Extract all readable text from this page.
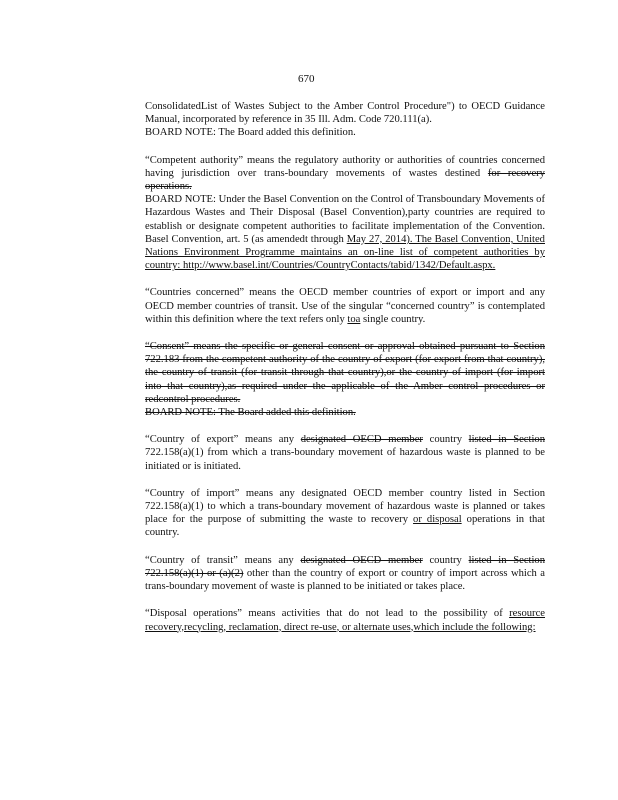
670
ConsolidatedList of Wastes Subject to the Amber Control Procedure") to OECD Guidance Manual, incorporated by reference in 35 Ill. Adm. Code 720.111(a).
BOARD NOTE: The Board added this definition.
“Competent authority” means the regulatory authority or authorities of countries concerned having jurisdiction over trans-boundary movements of wastes destined for recovery operations.
BOARD NOTE: Under the Basel Convention on the Control of Transboundary Movements of Hazardous Wastes and Their Disposal (Basel Convention),party countries are required to establish or designate competent authorities to facilitate implementation of the Convention. Basel Convention, art. 5 (as amendedt through May 27, 2014). The Basel Convention, United Nations Environment Programme maintains an on-line list of competent authorities by country: http://www.basel.int/Countries/CountryContacts/tabid/1342/Default.aspx.
“Countries concerned” means the OECD member countries of export or import and any OECD member countries of transit. Use of the singular “concerned country” is contemplated within this definition where the text refers only toa single country.
“Consent” means the specific or general consent or approval obtained pursuant to Section 722.183 from the competent authority of the country of export (for export from that country), the country of transit (for transit through that country),or the country of import (for import into that country),as required under the applicable of the Amber control procedures or redcontrol procedures.
BOARD NOTE: The Board added this definition.
“Country of export” means any designated OECD member country listed in Section 722.158(a)(1) from which a trans-boundary movement of hazardous waste is planned to be initiated or is initiated.
“Country of import” means any designated OECD member country listed in Section 722.158(a)(1) to which a trans-boundary movement of hazardous waste is planned or takes place for the purpose of submitting the waste to recovery or disposal operations in that country.
“Country of transit” means any designated OECD member country listed in Section 722.158(a)(1) or (a)(2) other than the country of export or country of import across which a trans-boundary movement of waste is planned to be initiated or takes place.
“Disposal operations” means activities that do not lead to the possibility of resource recovery,recycling, reclamation, direct re-use, or alternate uses,which include the following:
